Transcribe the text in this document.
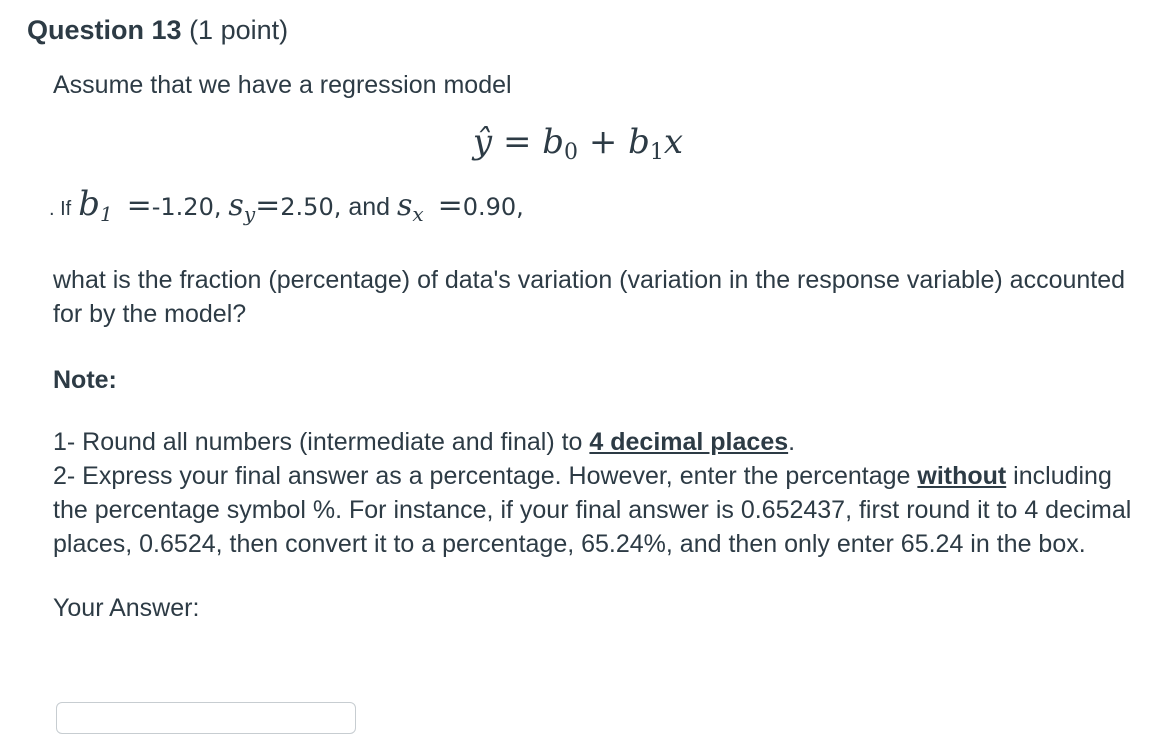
Question 13 (1 point)

Assume that we have a regression model

ŷ = $b_0 + b_1x$
. If $b_1 =-1.20$, $s_y=2.50$, and $s_x =0.90$,

what is the fraction (percentage) of data's variation (variation in the response variable) accounted for by the model?

Note:

1- Round all numbers (intermediate and final) to 4 decimal places.
2- Express your final answer as a percentage. However, enter the percentage without including the percentage symbol %. For instance, if your final answer is 0.652437, first round it to 4 decimal places, 0.6524, then convert it to a percentage, 65.24%, and then only enter 65.24 in the box.

Your Answer:
